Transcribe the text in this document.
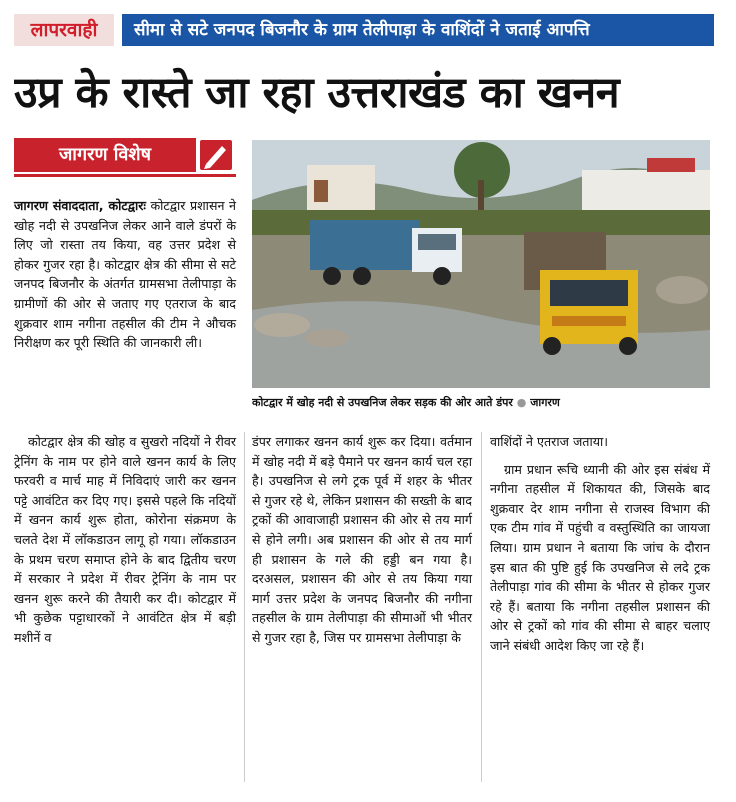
लापरवाही	सीमा से सटे जनपद बिजनौर के ग्राम तेलीपाड़ा के वाशिंदों ने जताई आपत्ति
उप्र के रास्ते जा रहा उत्तराखंड का खनन
जागरण विशेष
कोटद्वार में खोह नदी से उपखनिज लेकर सड़क की ओर आते डंपर ● जागरण

जागरण संवाददाता, कोटद्वारः कोटद्वार प्रशासन ने खोह नदी से उपखनिज लेकर आने वाले डंपरों के लिए जो रास्ता तय किया, वह उत्तर प्रदेश से होकर गुजर रहा है। कोटद्वार क्षेत्र की सीमा से सटे जनपद बिजनौर के अंतर्गत ग्रामसभा तेलीपाड़ा के ग्रामीणों की ओर से जताए गए एतराज के बाद शुक्रवार शाम नगीना तहसील की टीम ने औचक निरीक्षण कर पूरी स्थिति की जानकारी ली।

कोटद्वार क्षेत्र की खोह व सुखरो नदियों ने रीवर ट्रेनिंग के नाम पर होने वाले खनन कार्य के लिए फरवरी व मार्च माह में निविदाएं जारी कर खनन पट्टे आवंटित कर दिए गए। इससे पहले कि नदियों में खनन कार्य शुरू होता, कोरोना संक्रमण के चलते देश में लॉकडाउन लागू हो गया। लॉकडाउन के प्रथम चरण समाप्त होने के बाद द्वितीय चरण में सरकार ने प्रदेश में रीवर ट्रेनिंग के नाम पर खनन शुरू करने की तैयारी कर दी। कोटद्वार में भी कुछेक पट्टाधारकों ने आवंटित क्षेत्र में बड़ी मशीनें व

डंपर लगाकर खनन कार्य शुरू कर दिया। वर्तमान में खोह नदी में बड़े पैमाने पर खनन कार्य चल रहा है। उपखनिज से लगे ट्रक पूर्व में शहर के भीतर से गुजर रहे थे, लेकिन प्रशासन की सख्ती के बाद ट्रकों की आवाजाही प्रशासन की ओर से तय मार्ग से होने लगी। अब प्रशासन की ओर से तय मार्ग ही प्रशासन के गले की हड्डी बन गया है। दरअसल, प्रशासन की ओर से तय किया गया मार्ग उत्तर प्रदेश के जनपद बिजनौर की नगीना तहसील के ग्राम तेलीपाड़ा की सीमाओं भी भीतर से गुजर रहा है, जिस पर ग्रामसभा तेलीपाड़ा के

वाशिंदों ने एतराज जताया।

ग्राम प्रधान रूचि ध्यानी की ओर इस संबंध में नगीना तहसील में शिकायत की, जिसके बाद शुक्रवार देर शाम नगीना से राजस्व विभाग की एक टीम गांव में पहुंची व वस्तुस्थिति का जायजा लिया। ग्राम प्रधान ने बताया कि जांच के दौरान इस बात की पुष्टि हुई कि उपखनिज से लदे ट्रक तेलीपाड़ा गांव की सीमा के भीतर से होकर गुजर रहे हैं। बताया कि नगीना तहसील प्रशासन की ओर से ट्रकों को गांव की सीमा से बाहर चलाए जाने संबंधी आदेश किए जा रहे हैं।
